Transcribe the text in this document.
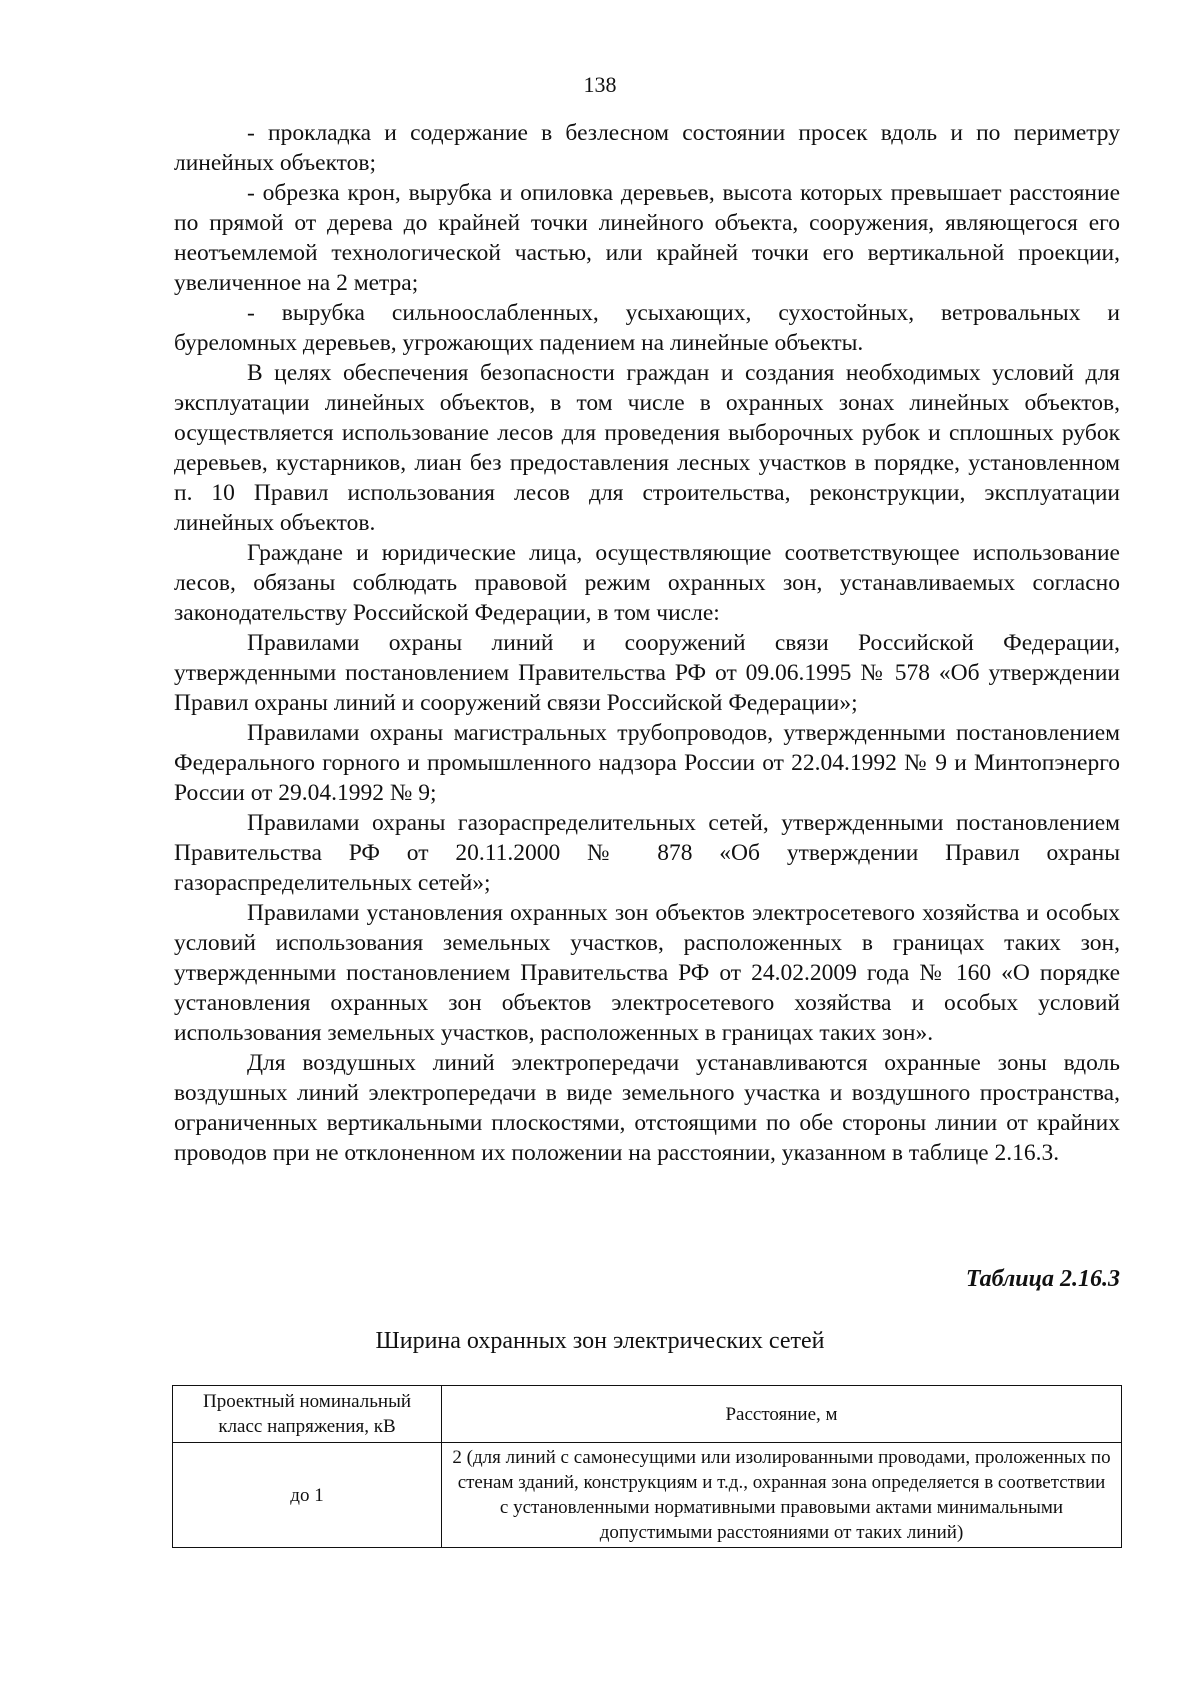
138

- прокладка и содержание в безлесном состоянии просек вдоль и по периметру линейных объектов;

- обрезка крон, вырубка и опиловка деревьев, высота которых превышает расстояние по прямой от дерева до крайней точки линейного объекта, сооружения, являющегося его неотъемлемой технологической частью, или крайней точки его вертикальной проекции, увеличенное на 2 метра;

- вырубка сильноослабленных, усыхающих, сухостойных, ветровальных и буреломных деревьев, угрожающих падением на линейные объекты.

В целях обеспечения безопасности граждан и создания необходимых условий для эксплуатации линейных объектов, в том числе в охранных зонах линейных объектов, осуществляется использование лесов для проведения выборочных рубок и сплошных рубок деревьев, кустарников, лиан без предоставления лесных участков в порядке, установленном п. 10 Правил использования лесов для строительства, реконструкции, эксплуатации линейных объектов.

Граждане и юридические лица, осуществляющие соответствующее использование лесов, обязаны соблюдать правовой режим охранных зон, устанавливаемых согласно законодательству Российской Федерации, в том числе:

Правилами охраны линий и сооружений связи Российской Федерации, утвержденными постановлением Правительства РФ от 09.06.1995 № 578 «Об утверждении Правил охраны линий и сооружений связи Российской Федерации»;

Правилами охраны магистральных трубопроводов, утвержденными постановлением Федерального горного и промышленного надзора России от 22.04.1992 № 9 и Минтопэнерго России от 29.04.1992 № 9;

Правилами охраны газораспределительных сетей, утвержденными постановлением Правительства РФ от 20.11.2000 № 878 «Об утверждении Правил охраны газораспределительных сетей»;

Правилами установления охранных зон объектов электросетевого хозяйства и особых условий использования земельных участков, расположенных в границах таких зон, утвержденными постановлением Правительства РФ от 24.02.2009 года № 160 «О порядке установления охранных зон объектов электросетевого хозяйства и особых условий использования земельных участков, расположенных в границах таких зон».

Для воздушных линий электропередачи устанавливаются охранные зоны вдоль воздушных линий электропередачи в виде земельного участка и воздушного пространства, ограниченных вертикальными плоскостями, отстоящими по обе стороны линии от крайних проводов при не отклоненном их положении на расстоянии, указанном в таблице 2.16.3.

Таблица 2.16.3
Ширина охранных зон электрических сетей
Проектный номинальный класс напряжения, кВ	Расстояние, м
до 1	2 (для линий с самонесущими или изолированными проводами, проложенных по стенам зданий, конструкциям и т.д., охранная зона определяется в соответствии с установленными нормативными правовыми актами минимальными допустимыми расстояниями от таких линий)
